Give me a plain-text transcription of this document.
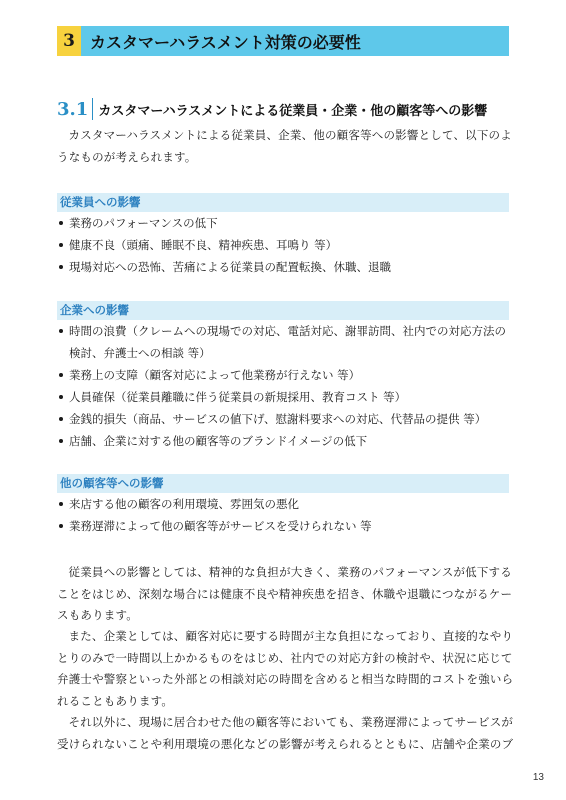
3 カスタマーハラスメント対策の必要性
3.1 カスタマーハラスメントによる従業員・企業・他の顧客等への影響
カスタマーハラスメントによる従業員、企業、他の顧客等への影響として、以下のようなものが考えられます。
従業員への影響
業務のパフォーマンスの低下
健康不良（頭痛、睡眠不良、精神疾患、耳鳴り 等）
現場対応への恐怖、苦痛による従業員の配置転換、休職、退職
企業への影響
時間の浪費（クレームへの現場での対応、電話対応、謝罪訪問、社内での対応方法の検討、弁護士への相談 等）
業務上の支障（顧客対応によって他業務が行えない 等）
人員確保（従業員離職に伴う従業員の新規採用、教育コスト 等）
金銭的損失（商品、サービスの値下げ、慰謝料要求への対応、代替品の提供 等）
店舗、企業に対する他の顧客等のブランドイメージの低下
他の顧客等への影響
来店する他の顧客の利用環境、雰囲気の悪化
業務遅滞によって他の顧客等がサービスを受けられない 等
従業員への影響としては、精神的な負担が大きく、業務のパフォーマンスが低下することをはじめ、深刻な場合には健康不良や精神疾患を招き、休職や退職につながるケースもあります。
また、企業としては、顧客対応に要する時間が主な負担になっており、直接的なやりとりのみで一時間以上かかるものをはじめ、社内での対応方針の検討や、状況に応じて弁護士や警察といった外部との相談対応の時間を含めると相当な時間的コストを強いられることもあります。
それ以外に、現場に居合わせた他の顧客等においても、業務遅滞によってサービスが受けられないことや利用環境の悪化などの影響が考えられるとともに、店舗や企業のブ
13
